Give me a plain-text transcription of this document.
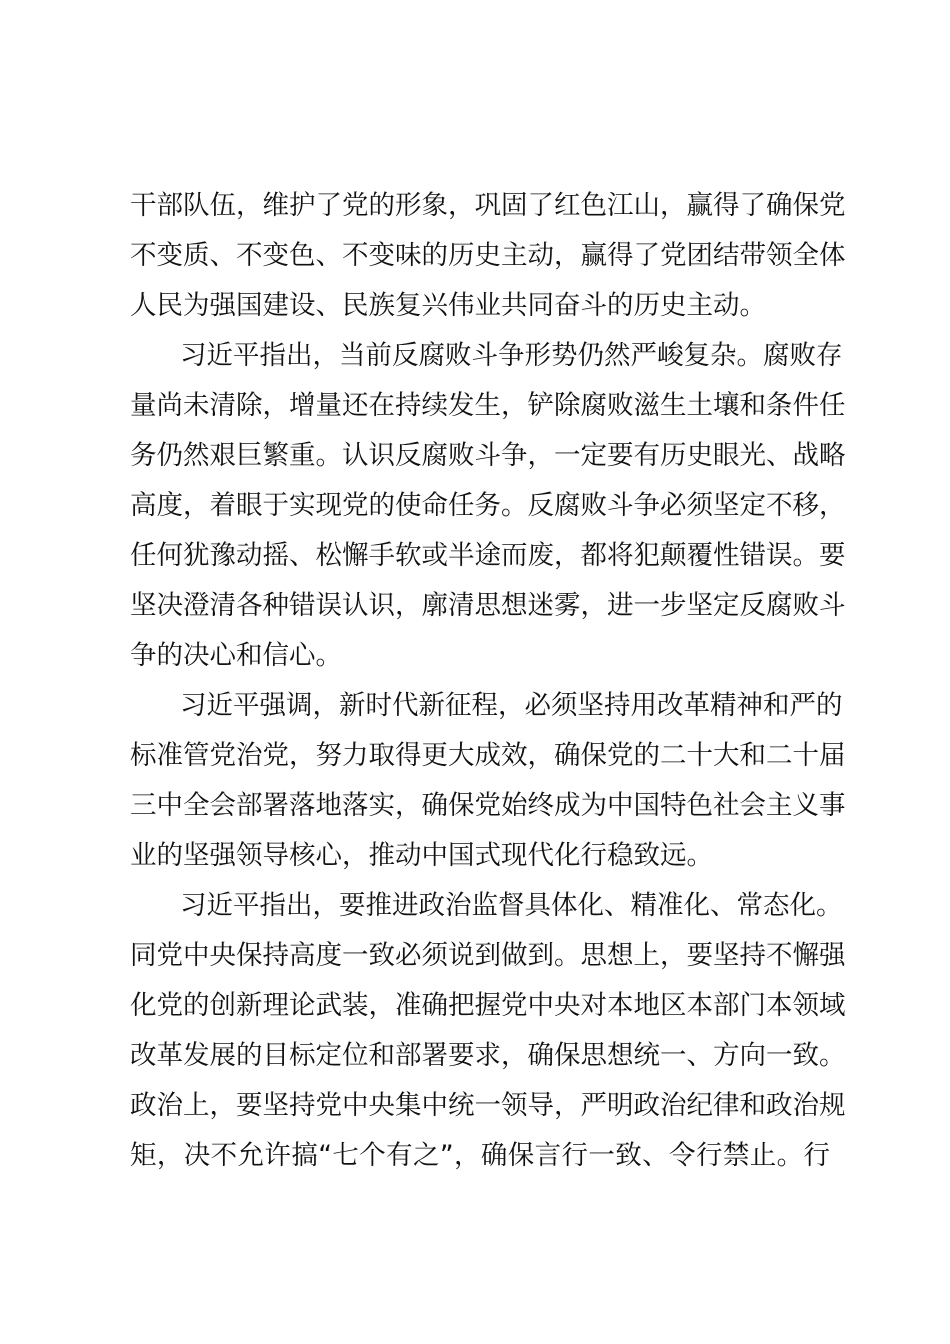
干部队伍，维护了党的形象，巩固了红色江山，赢得了确保党
不变质、不变色、不变味的历史主动，赢得了党团结带领全体
人民为强国建设、民族复兴伟业共同奋斗的历史主动。
习近平指出，当前反腐败斗争形势仍然严峻复杂。腐败存
量尚未清除，增量还在持续发生，铲除腐败滋生土壤和条件任
务仍然艰巨繁重。认识反腐败斗争，一定要有历史眼光、战略
高度，着眼于实现党的使命任务。反腐败斗争必须坚定不移，
任何犹豫动摇、松懈手软或半途而废，都将犯颠覆性错误。要
坚决澄清各种错误认识，廓清思想迷雾，进一步坚定反腐败斗
争的决心和信心。
习近平强调，新时代新征程，必须坚持用改革精神和严的
标准管党治党，努力取得更大成效，确保党的二十大和二十届
三中全会部署落地落实，确保党始终成为中国特色社会主义事
业的坚强领导核心，推动中国式现代化行稳致远。
习近平指出，要推进政治监督具体化、精准化、常态化。
同党中央保持高度一致必须说到做到。思想上，要坚持不懈强
化党的创新理论武装，准确把握党中央对本地区本部门本领域
改革发展的目标定位和部署要求，确保思想统一、方向一致。
政治上，要坚持党中央集中统一领导，严明政治纪律和政治规
矩，决不允许搞“七个有之”，确保言行一致、令行禁止。行
